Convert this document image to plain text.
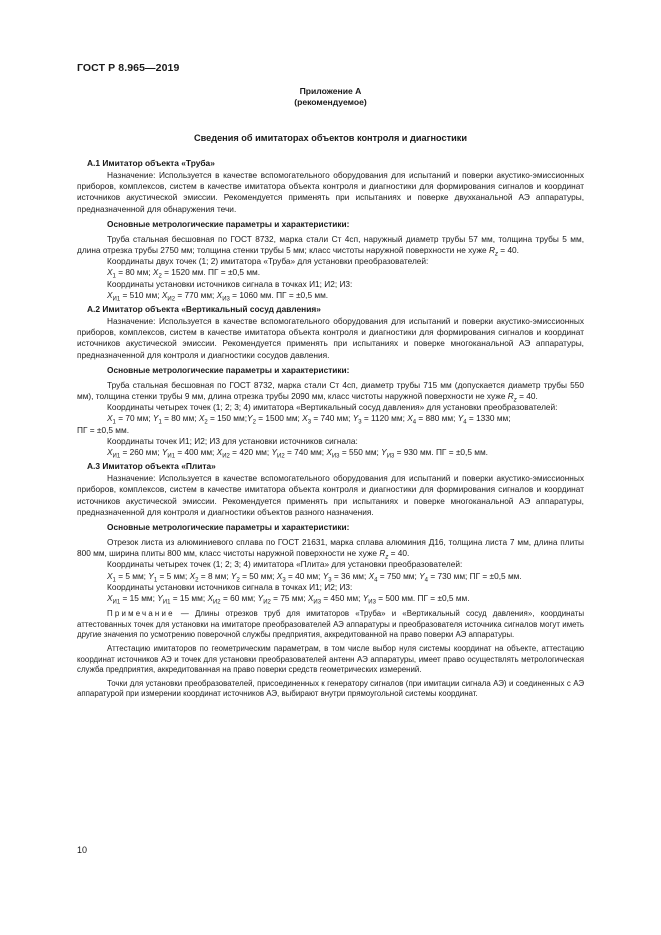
ГОСТ Р 8.965—2019
Приложение А
(рекомендуемое)
Сведения об имитаторах объектов контроля и диагностики
А.1 Имитатор объекта «Труба»

Назначение: Используется в качестве вспомогательного оборудования для испытаний и поверки акустико-эмиссионных приборов, комплексов, систем в качестве имитатора объекта контроля и диагностики для формирования сигналов и координат источников акустической эмиссии. Рекомендуется применять при испытаниях и поверке двухканальной АЭ аппаратуры, предназначенной для обнаружения течи.

Основные метрологические параметры и характеристики:

Труба стальная бесшовная по ГОСТ 8732, марка стали Ст 4сп, наружный диаметр трубы 57 мм, толщина трубы 5 мм, длина отрезка трубы 2750 мм; толщина стенки трубы 5 мм; класс чистоты наружной поверхности не хуже $R_z = 40$.

Координаты двух точек (1; 2) имитатора «Труба» для установки преобразователей:

$X_1 = 80$ мм; $X_2 = 1520$ мм. ПГ = ±0,5 мм.

Координаты установки источников сигнала в точках И1; И2; И3:

$X_{И1} = 510$ мм; $X_{И2} = 770$ мм; $X_{И3} = 1060$ мм. ПГ = ±0,5 мм.

А.2 Имитатор объекта «Вертикальный сосуд давления»

Назначение: Используется в качестве вспомогательного оборудования для испытаний и поверки акустико-эмиссионных приборов, комплексов, систем в качестве имитатора объекта контроля и диагностики для формирования сигналов и координат источников акустической эмиссии. Рекомендуется применять при испытаниях и поверке многоканальной АЭ аппаратуры, предназначенной для контроля и диагностики сосудов давления.

Основные метрологические параметры и характеристики:

Труба стальная бесшовная по ГОСТ 8732, марка стали Ст 4сп, диаметр трубы 715 мм (допускается диаметр трубы 550 мм), толщина стенки трубы 9 мм, длина отрезка трубы 2090 мм, класс чистоты наружной поверхности не хуже $R_z = 40$.

Координаты четырех точек (1; 2; 3; 4) имитатора «Вертикальный сосуд давления» для установки преобразователей:

$X_1 = 70$ мм; $Y_1 = 80$ мм; $X_2 = 150$ $мм;Y_2 = 1500$ мм; $X_3 = 740$ мм; $Y_3 = 1120$ мм; $X_4 = 880$ мм; $Y_4 = 1330$ мм;

ПГ = ±0,5 мм.

Координаты точек И1; И2; И3 для установки источников сигнала:

$X_{И1} = 260$ мм; $Y_{И1} = 400$ мм; $X_{И2} = 420$ мм; $Y_{И2} = 740$ мм; $X_{И3} = 550$ мм; $Y_{И3} = 930$ мм. ПГ = ±0,5 мм.

А.3 Имитатор объекта «Плита»

Назначение: Используется в качестве вспомогательного оборудования для испытаний и поверки акустико-эмиссионных приборов, комплексов, систем в качестве имитатора объекта контроля и диагностики для формирования сигналов и координат источников акустической эмиссии. Рекомендуется применять при испытаниях и поверке многоканальной АЭ аппаратуры, предназначенной для контроля и диагностики объектов разного назначения.

Основные метрологические параметры и характеристики:

Отрезок листа из алюминиевого сплава по ГОСТ 21631, марка сплава алюминия Д16, толщина листа 7 мм, длина плиты 800 мм, ширина плиты 800 мм, класс чистоты наружной поверхности не хуже $R_z = 40$.

Координаты четырех точек (1; 2; 3; 4) имитатора «Плита» для установки преобразователей:

$X_1 = 5$ мм; $Y_1 = 5$ мм; $X_2 = 8$ мм; $Y_2 = 50$ мм; $X_3 = 40$ мм; $Y_3 = 36$ мм; $X_4 = 750$ мм; $Y_4 = 730$ мм; ПГ = ±0,5 мм.

Координаты установки источников сигнала в точках И1; И2; И3:

$X_{И1} = 15$ мм; $Y_{И1} = 15$ мм; $X_{И2} = 60$ мм; $Y_{И2} = 75$ мм; $X_{И3} = 450$ мм; $Y_{И3} = 500$ мм. ПГ = ±0,5 мм.

Примечание — Длины отрезков труб для имитаторов «Труба» и «Вертикальный сосуд давления», координаты аттестованных точек для установки на имитаторе преобразователей АЭ аппаратуры и преобразователя источника сигналов могут иметь другие значения по усмотрению поверочной службы предприятия, аккредитованной на право поверки АЭ аппаратуры.

Аттестацию имитаторов по геометрическим параметрам, в том числе выбор нуля системы координат на объекте, аттестацию координат источников АЭ и точек для установки преобразователей антенн АЭ аппаратуры, имеет право осуществлять метрологическая служба предприятия, аккредитованная на право поверки средств геометрических измерений.

Точки для установки преобразователей, присоединенных к генератору сигналов (при имитации сигнала АЭ) и соединенных с АЭ аппаратурой при измерении координат источников АЭ, выбирают внутри прямоугольной системы координат.

10
